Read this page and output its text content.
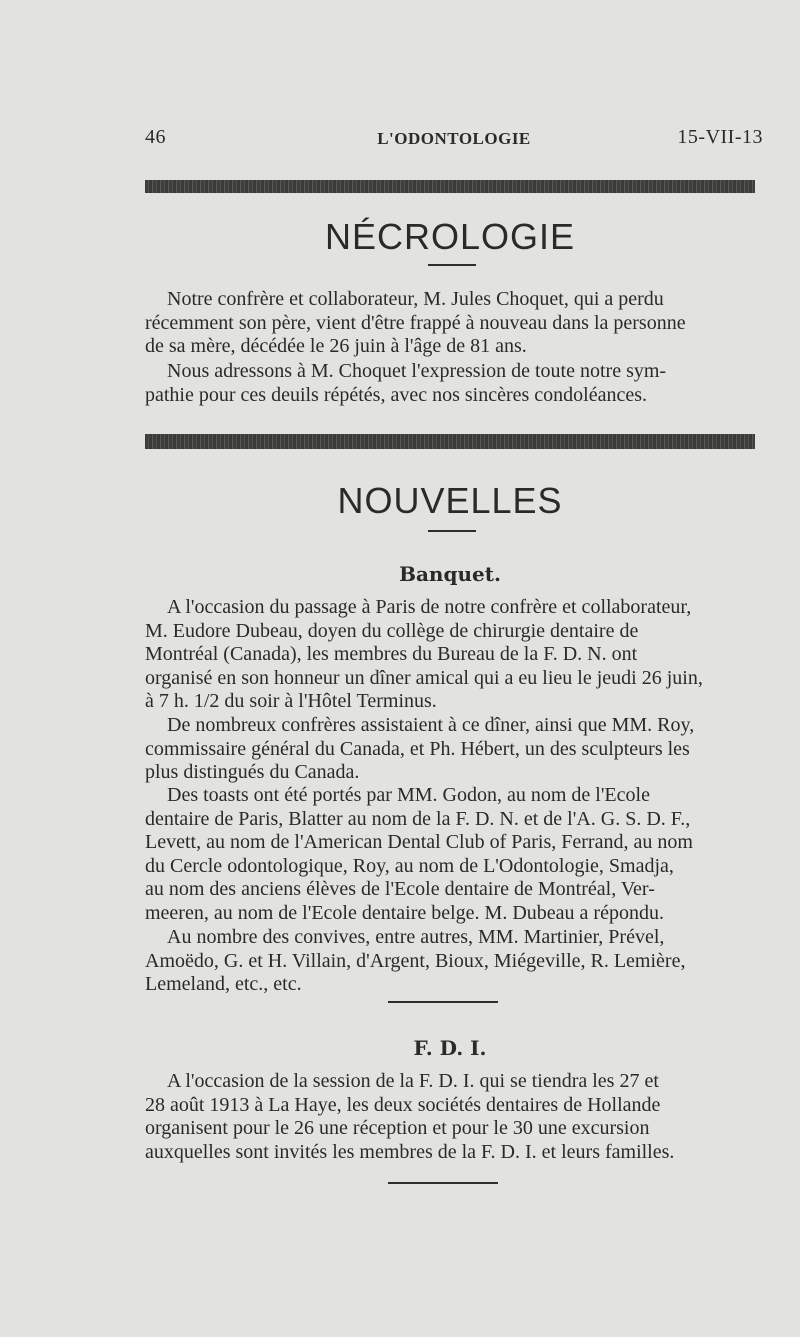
46	L'ODONTOLOGIE	15-VII-13
NÉCROLOGIE

Notre confrère et collaborateur, M. Jules Choquet, qui a perdu
récemment son père, vient d'être frappé à nouveau dans la personne
de sa mère, décédée le 26 juin à l'âge de 81 ans.

Nous adressons à M. Choquet l'expression de toute notre sym-
pathie pour ces deuils répétés, avec nos sincères condoléances.

NOUVELLES
Banquet.

A l'occasion du passage à Paris de notre confrère et collaborateur,
M. Eudore Dubeau, doyen du collège de chirurgie dentaire de
Montréal (Canada), les membres du Bureau de la F. D. N. ont
organisé en son honneur un dîner amical qui a eu lieu le jeudi 26 juin,
à 7 h. 1/2 du soir à l'Hôtel Terminus.

De nombreux confrères assistaient à ce dîner, ainsi que MM. Roy,
commissaire général du Canada, et Ph. Hébert, un des sculpteurs les
plus distingués du Canada.

Des toasts ont été portés par MM. Godon, au nom de l'Ecole
dentaire de Paris, Blatter au nom de la F. D. N. et de l'A. G. S. D. F.,
Levett, au nom de l'American Dental Club of Paris, Ferrand, au nom
du Cercle odontologique, Roy, au nom de L'Odontologie, Smadja,
au nom des anciens élèves de l'Ecole dentaire de Montréal, Ver-
meeren, au nom de l'Ecole dentaire belge. M. Dubeau a répondu.

Au nombre des convives, entre autres, MM. Martinier, Prével,
Amoëdo, G. et H. Villain, d'Argent, Bioux, Miégeville, R. Lemière,
Lemeland, etc., etc.

F. D. I.

A l'occasion de la session de la F. D. I. qui se tiendra les 27 et
28 août 1913 à La Haye, les deux sociétés dentaires de Hollande
organisent pour le 26 une réception et pour le 30 une excursion
auxquelles sont invités les membres de la F. D. I. et leurs familles.
